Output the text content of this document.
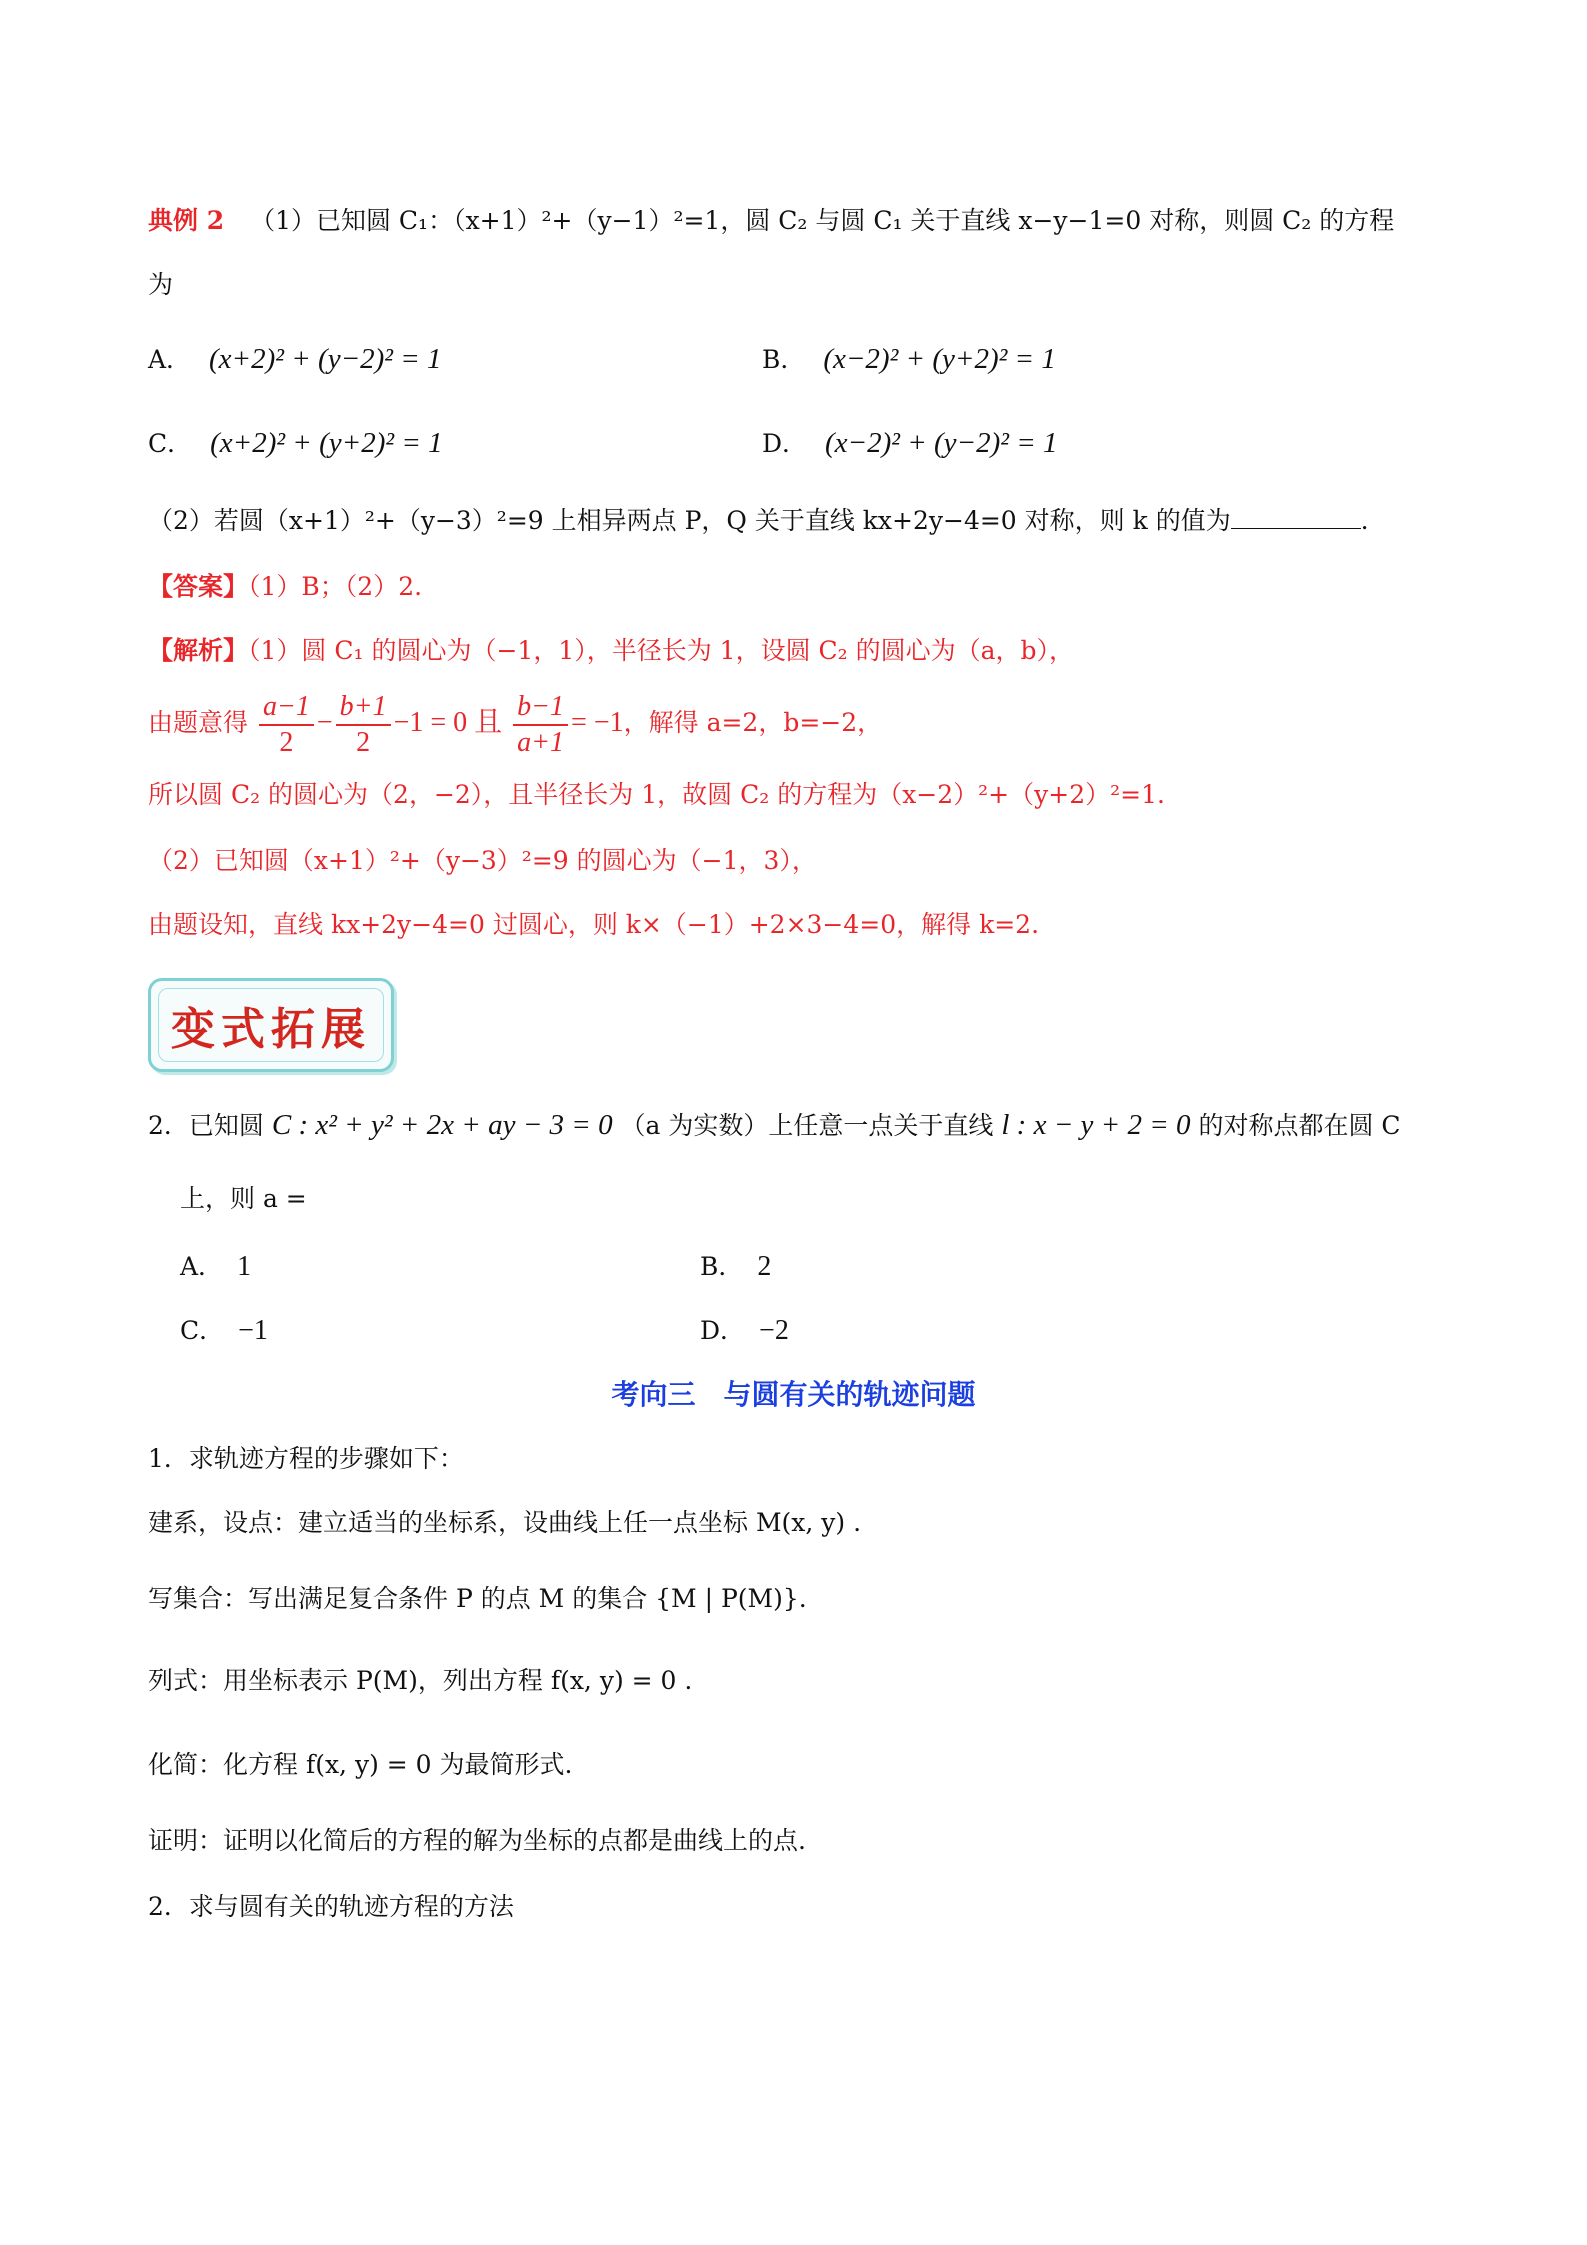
典例 2 （1）已知圆 C₁：（x+1）²+（y−1）²=1，圆 C₂ 与圆 C₁ 关于直线 x−y−1=0 对称，则圆 C₂ 的方程
为
A． (x+2)² + (y−2)² = 1	B． (x−2)² + (y+2)² = 1
C． (x+2)² + (y+2)² = 1	D． (x−2)² + (y−2)² = 1
（2）若圆（x+1）²+（y−3）²=9 上相异两点 P，Q 关于直线 kx+2y−4=0 对称，则 k 的值为	．
【答案】（1）B；（2）2.
【解析】（1）圆 C₁ 的圆心为（−1，1），半径长为 1，设圆 C₂ 的圆心为（a，b），
由题意得 $\frac{a-1}{2} - \frac{b+1}{2} -1 = 0$ 且 $\frac{b-1}{a+1} = -1$，解得 a=2，b=−2，
所以圆 C₂ 的圆心为（2，−2），且半径长为 1，故圆 C₂ 的方程为（x−2）²+（y+2）²=1.
（2）已知圆（x+1）²+（y−3）²=9 的圆心为（−1，3），
由题设知，直线 kx+2y−4=0 过圆心，则 k×（−1）+2×3−4=0，解得 k=2.
变式拓展
2．已知圆 C : x² + y² + 2x + ay − 3 = 0 （a 为实数）上任意一点关于直线 l : x − y + 2 = 0 的对称点都在圆 C
上，则 a =
A． 1	B． 2
C． −1	D． −2
考向三　与圆有关的轨迹问题
1．求轨迹方程的步骤如下：
建系，设点：建立适当的坐标系，设曲线上任一点坐标 M(x, y) .
写集合：写出满足复合条件 P 的点 M 的集合 {M | P(M)}.
列式：用坐标表示 P(M)，列出方程 f(x, y) = 0 .
化简：化方程 f(x, y) = 0 为最简形式.
证明：证明以化简后的方程的解为坐标的点都是曲线上的点.
2．求与圆有关的轨迹方程的方法
